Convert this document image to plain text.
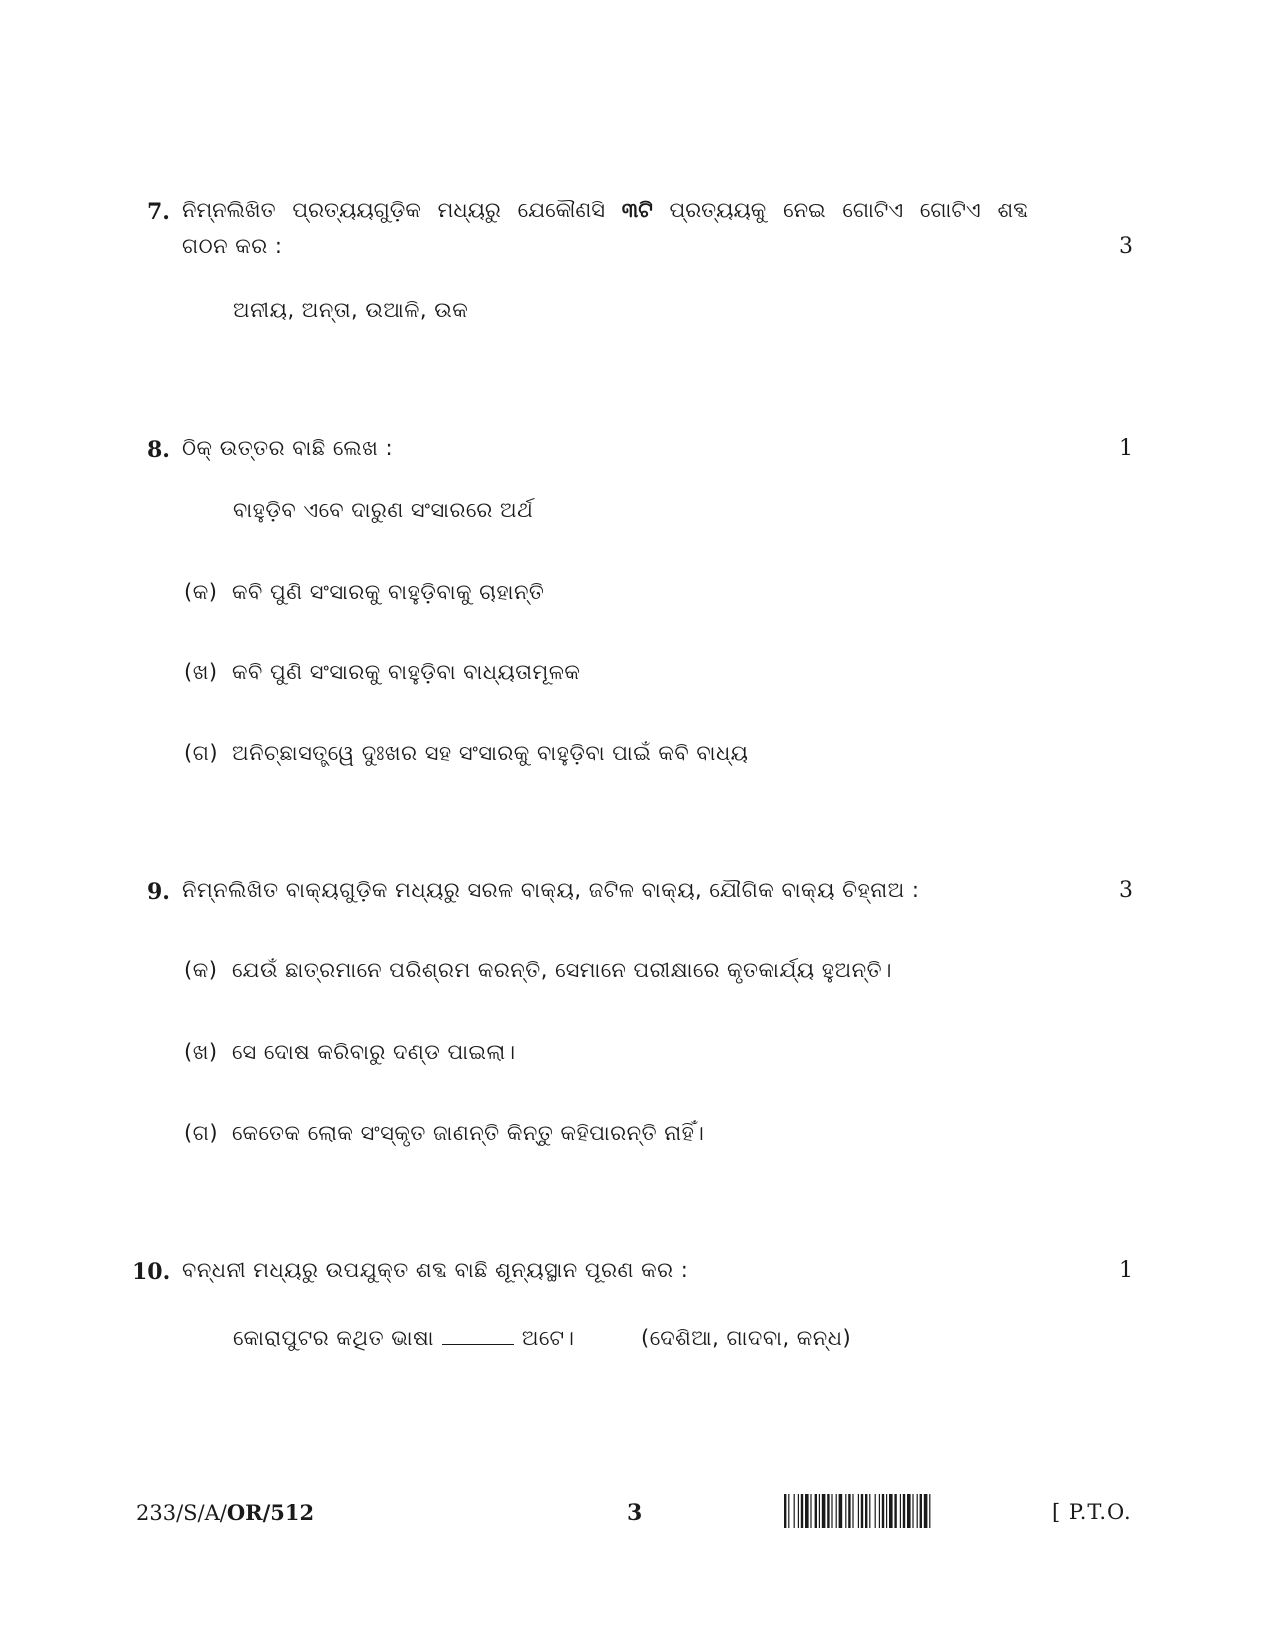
7. ନିମ୍ନଲିଖିତ ପ୍ରତ୍ୟୟଗୁଡ଼ିକ ମଧ୍ୟରୁ ଯେକୌଣସି ୩ଟି ପ୍ରତ୍ୟୟକୁ ନେଇ ଗୋଟିଏ ଗୋଟିଏ ଶବ୍ଦ
ଗଠନ କର :	3
ଅନୀୟ, ଅନ୍ତା, ଉଆଳି, ଉକ
8. ଠିକ୍ ଉତ୍ତର ବାଛି ଲେଖ :	1
ବାହୁଡ଼ିବ ଏବେ ଦାରୁଣ ସଂସାରରେ ଅର୍ଥ
(କ) କବି ପୁଣି ସଂସାରକୁ ବାହୁଡ଼ିବାକୁ ଚାହାନ୍ତି
(ଖ) କବି ପୁଣି ସଂସାରକୁ ବାହୁଡ଼ିବା ବାଧ୍ୟତାମୂଳକ
(ଗ) ଅନିଚ୍ଛାସତ୍ତ୍ୱେ ଦୁଃଖର ସହ ସଂସାରକୁ ବାହୁଡ଼ିବା ପାଇଁ କବି ବାଧ୍ୟ
9. ନିମ୍ନଲିଖିତ ବାକ୍ୟଗୁଡ଼ିକ ମଧ୍ୟରୁ ସରଳ ବାକ୍ୟ, ଜଟିଳ ବାକ୍ୟ, ଯୌଗିକ ବାକ୍ୟ ଚିହ୍ନାଅ :	3
(କ) ଯେଉଁ ଛାତ୍ରମାନେ ପରିଶ୍ରମ କରନ୍ତି, ସେମାନେ ପରୀକ୍ଷାରେ କୃତକାର୍ଯ୍ୟ ହୁଅନ୍ତି।
(ଖ) ସେ ଦୋଷ କରିବାରୁ ଦଣ୍ଡ ପାଇଲା।
(ଗ) କେତେକ ଲୋକ ସଂସ୍କୃତ ଜାଣନ୍ତି କିନ୍ତୁ କହିପାରନ୍ତି ନାହିଁ।
10. ବନ୍ଧନୀ ମଧ୍ୟରୁ ଉପଯୁକ୍ତ ଶବ୍ଦ ବାଛି ଶୂନ୍ୟସ୍ଥାନ ପୂରଣ କର :	1
କୋରାପୁଟର କଥିତ ଭାଷା	ଅଟେ।	(ଦେଶିଆ, ଗାଦବା, କନ୍ଧ)
233/S/A/OR/512	3	[ P.T.O.
